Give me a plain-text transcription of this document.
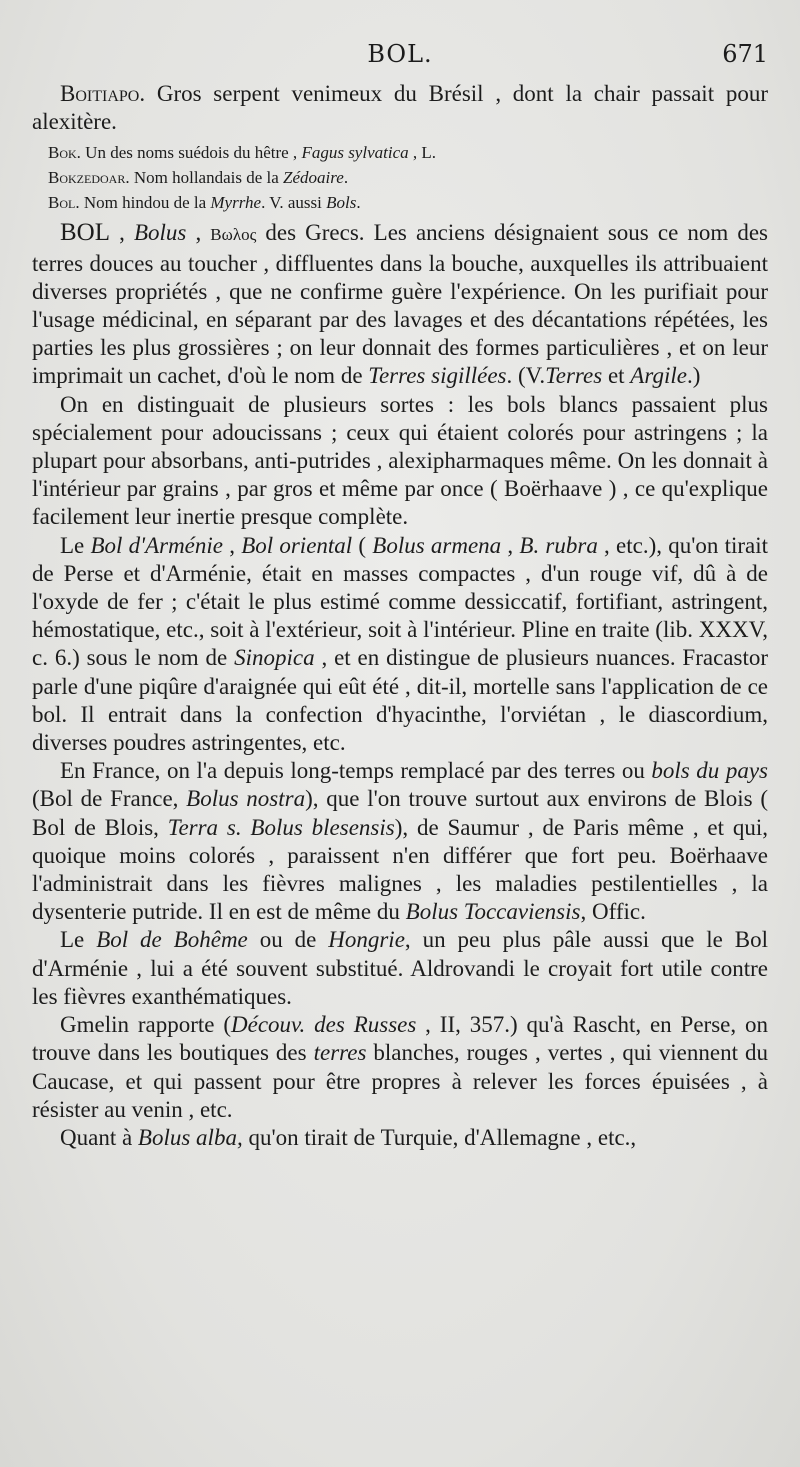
BOL.	671

Boitiapo. Gros serpent venimeux du Brésil , dont la chair passait pour alexitère.

Bok. Un des noms suédois du hêtre , Fagus sylvatica , L.

Bokzedoar. Nom hollandais de la Zédoaire.

Bol. Nom hindou de la Myrrhe. V. aussi Bols.

BOL , Bolus , Βωλος des Grecs. Les anciens désignaient sous ce nom des terres douces au toucher , diffluentes dans la bouche, auxquelles ils attribuaient diverses propriétés , que ne confirme guère l'expérience. On les purifiait pour l'usage médicinal, en séparant par des lavages et des décantations répétées, les parties les plus grossières ; on leur donnait des formes particulières , et on leur imprimait un cachet, d'où le nom de Terres sigillées. (V.Terres et Argile.)

On en distinguait de plusieurs sortes : les bols blancs passaient plus spécialement pour adoucissans ; ceux qui étaient colorés pour astringens ; la plupart pour absorbans, anti-putrides , alexipharmaques même. On les donnait à l'intérieur par grains , par gros et même par once ( Boërhaave ) , ce qu'explique facilement leur inertie presque complète.

Le Bol d'Arménie , Bol oriental ( Bolus armena , B. rubra , etc.), qu'on tirait de Perse et d'Arménie, était en masses compactes , d'un rouge vif, dû à de l'oxyde de fer ; c'était le plus estimé comme dessiccatif, fortifiant, astringent, hémostatique, etc., soit à l'extérieur, soit à l'intérieur. Pline en traite (lib. XXXV, c. 6.) sous le nom de Sinopica , et en distingue de plusieurs nuances. Fracastor parle d'une piqûre d'araignée qui eût été , dit-il, mortelle sans l'application de ce bol. Il entrait dans la confection d'hyacinthe, l'orviétan , le diascordium, diverses poudres astringentes, etc.

En France, on l'a depuis long-temps remplacé par des terres ou bols du pays (Bol de France, Bolus nostra), que l'on trouve surtout aux environs de Blois ( Bol de Blois, Terra s. Bolus blesensis), de Saumur , de Paris même , et qui, quoique moins colorés , paraissent n'en différer que fort peu. Boërhaave l'administrait dans les fièvres malignes , les maladies pestilentielles , la dysenterie putride. Il en est de même du Bolus Toccaviensis, Offic.

Le Bol de Bohême ou de Hongrie, un peu plus pâle aussi que le Bol d'Arménie , lui a été souvent substitué. Aldrovandi le croyait fort utile contre les fièvres exanthématiques.

Gmelin rapporte (Découv. des Russes , II, 357.) qu'à Rascht, en Perse, on trouve dans les boutiques des terres blanches, rouges , vertes , qui viennent du Caucase, et qui passent pour être propres à relever les forces épuisées , à résister au venin , etc.

Quant à Bolus alba, qu'on tirait de Turquie, d'Allemagne , etc.,
